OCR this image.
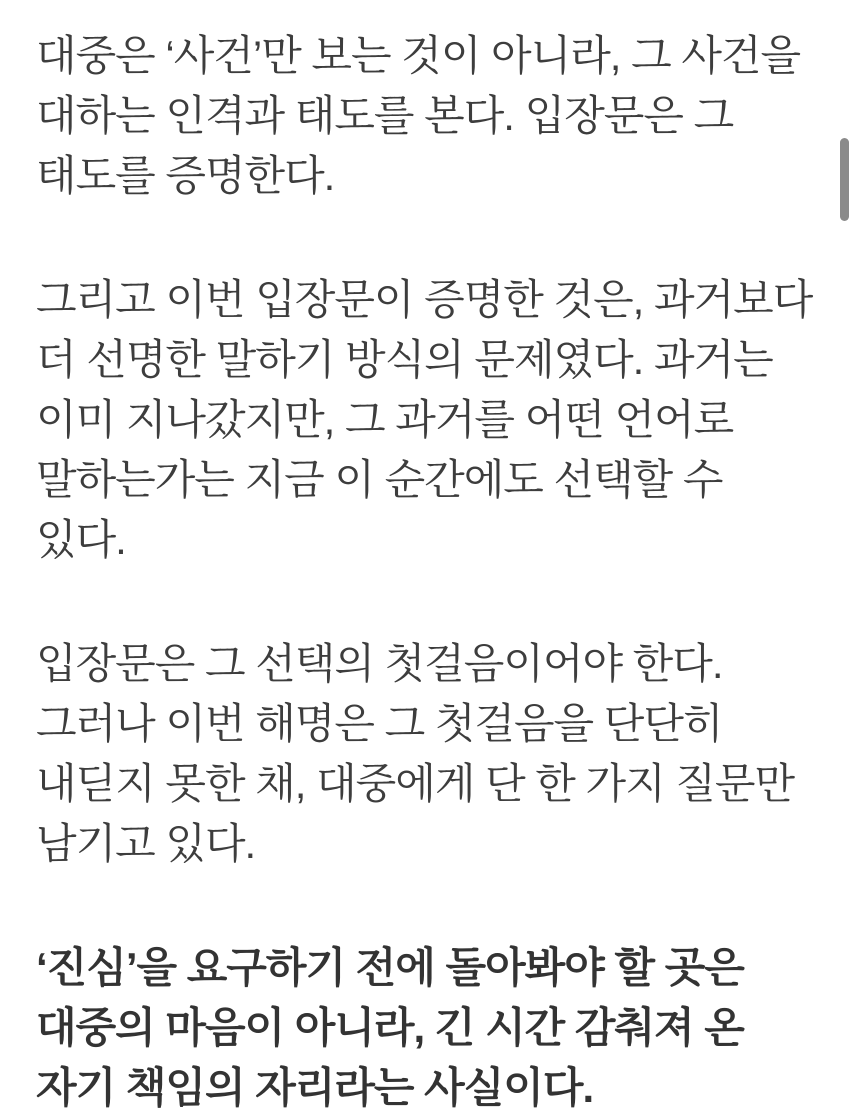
대중은 ‘사건’만 보는 것이 아니라, 그 사건을 대하는 인격과 태도를 본다. 입장문은 그 태도를 증명한다.

그리고 이번 입장문이 증명한 것은, 과거보다 더 선명한 말하기 방식의 문제였다. 과거는 이미 지나갔지만, 그 과거를 어떤 언어로 말하는가는 지금 이 순간에도 선택할 수 있다.

입장문은 그 선택의 첫걸음이어야 한다. 그러나 이번 해명은 그 첫걸음을 단단히 내딛지 못한 채, 대중에게 단 한 가지 질문만 남기고 있다.

‘진심’을 요구하기 전에 돌아봐야 할 곳은 대중의 마음이 아니라, 긴 시간 감춰져 온 자기 책임의 자리라는 사실이다.
